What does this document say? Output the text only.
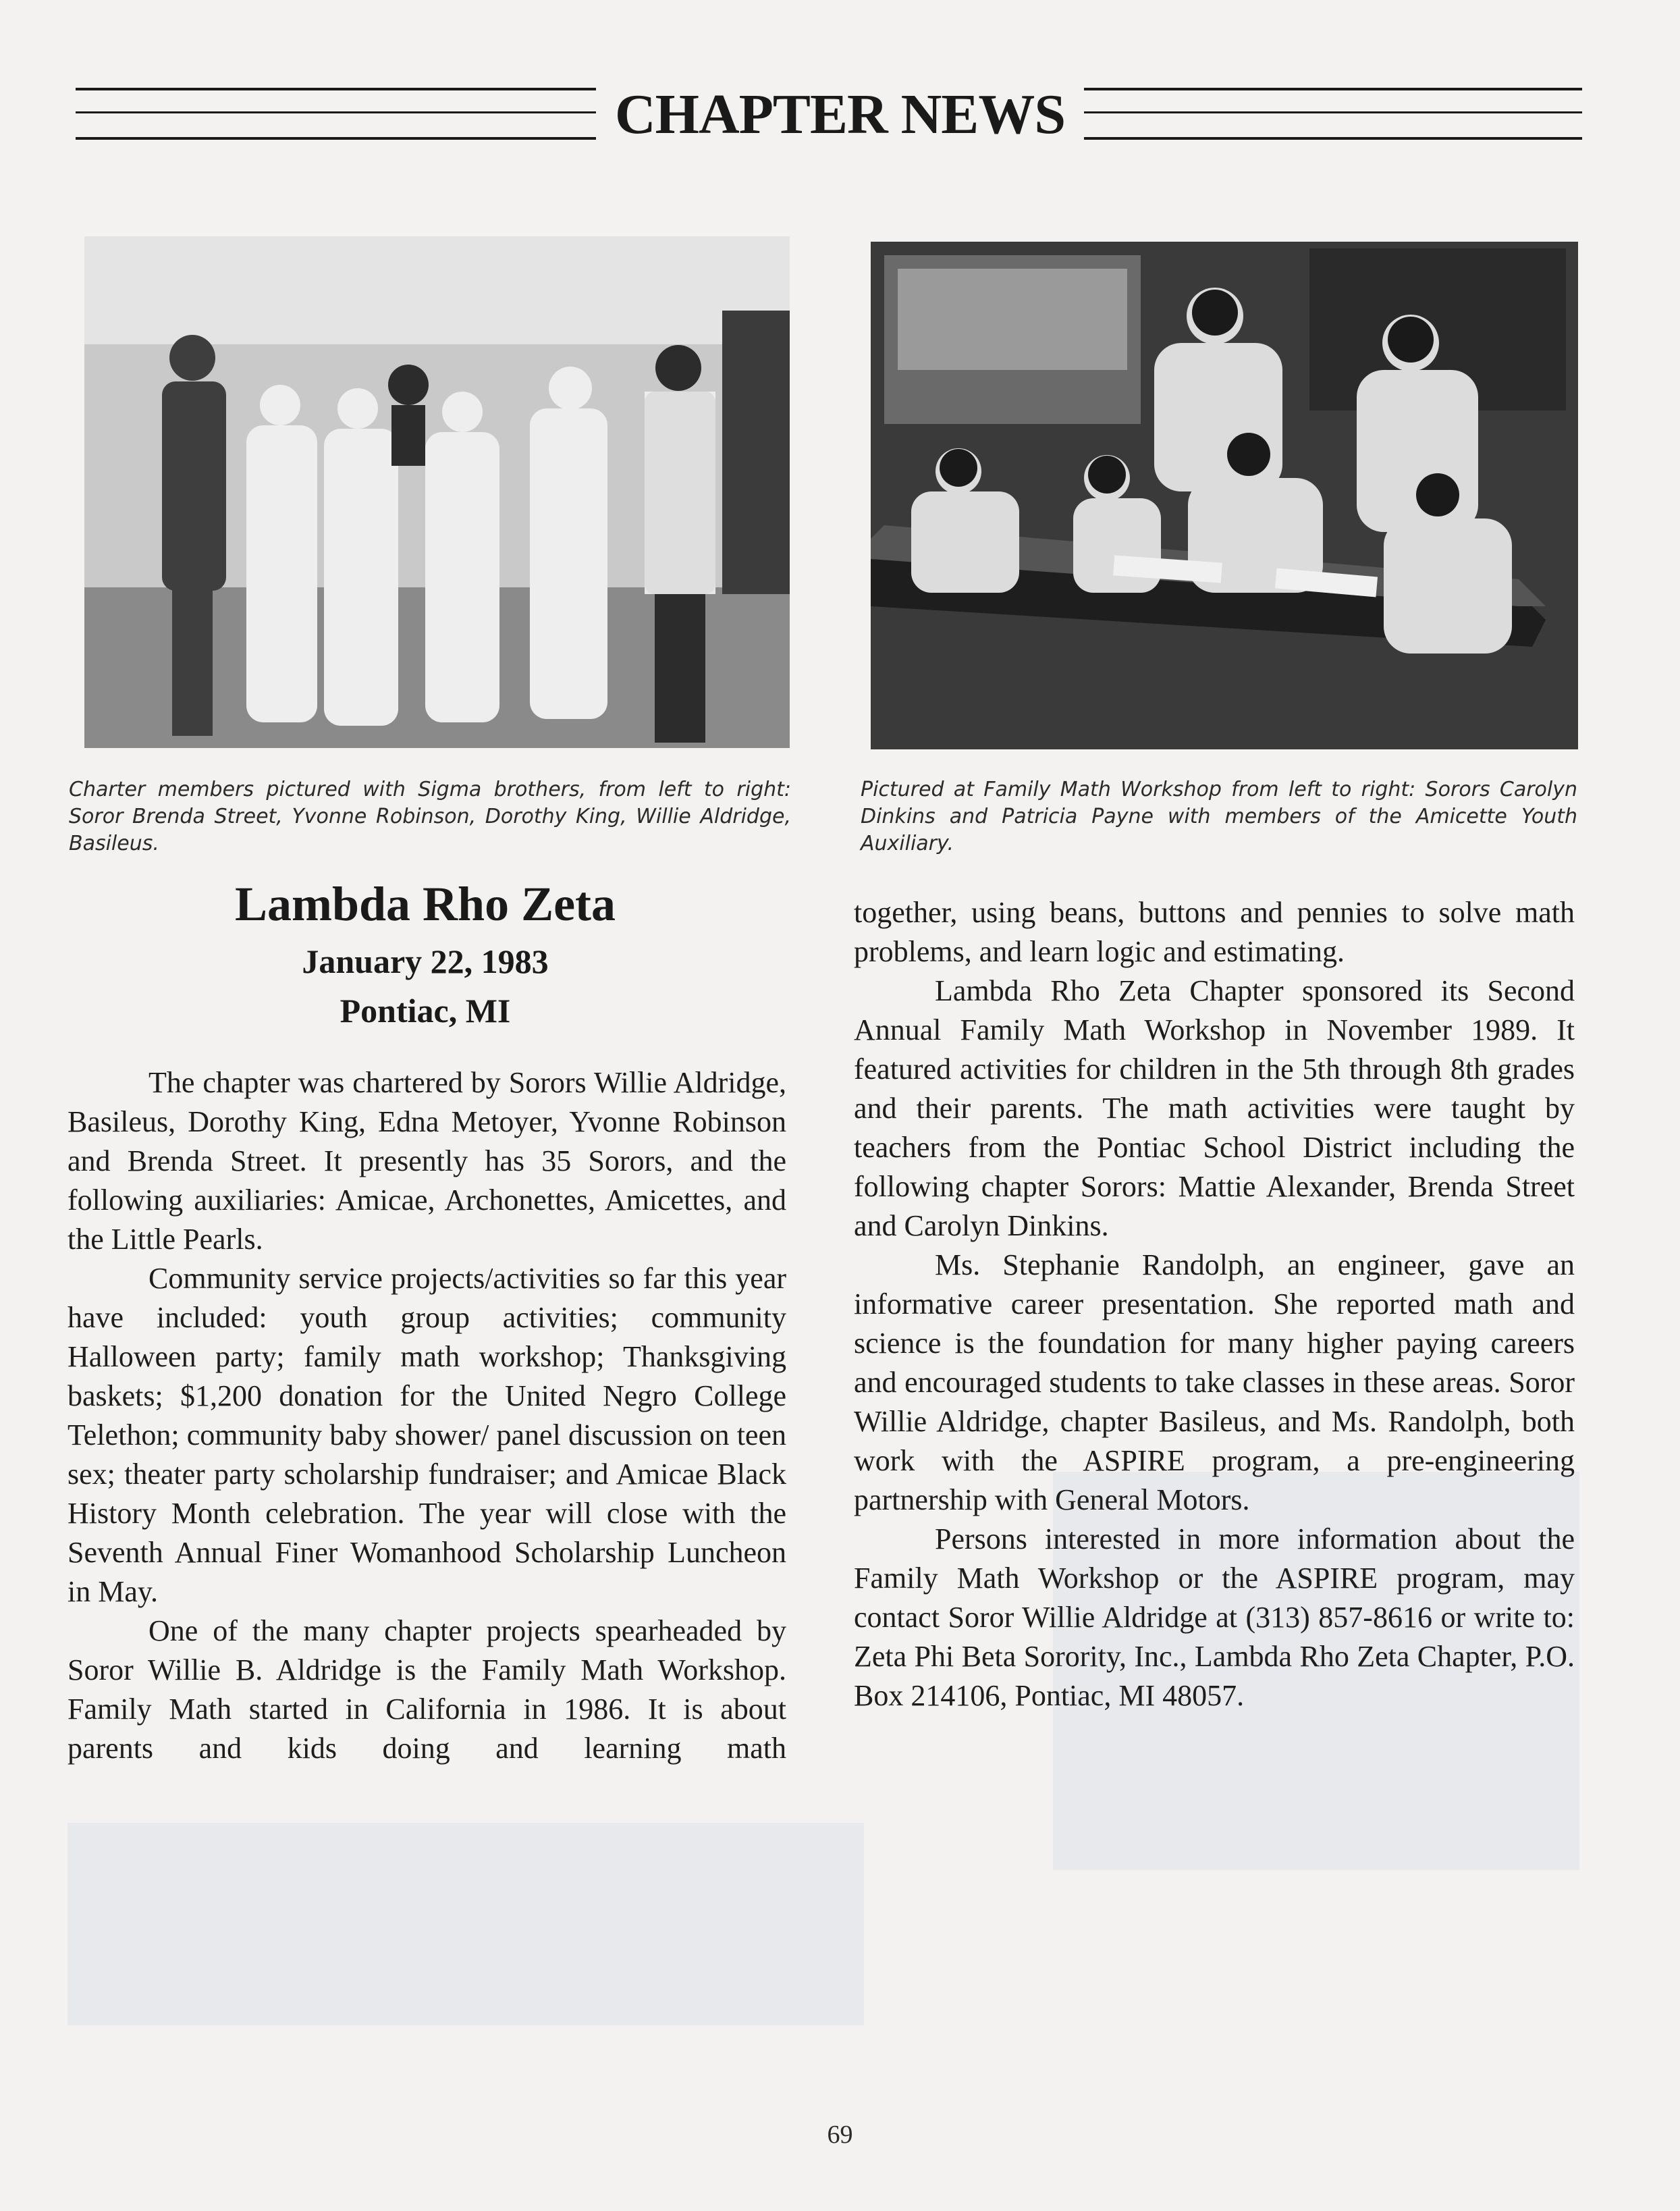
CHAPTER NEWS
Charter members pictured with Sigma brothers, from left to right: Soror Brenda Street, Yvonne Robinson, Dorothy King, Willie Aldridge, Basileus.
Pictured at Family Math Workshop from left to right: Sorors Carolyn Dinkins and Patricia Payne with members of the Amicette Youth Auxiliary.
Lambda Rho Zeta
January 22, 1983
Pontiac, MI

The chapter was chartered by Sorors Willie Aldridge, Basileus, Dorothy King, Edna Metoyer, Yvonne Robinson and Brenda Street. It presently has 35 Sorors, and the following auxiliaries: Amicae, Archonettes, Amicettes, and the Little Pearls.

Community service projects/activities so far this year have included: youth group activities; community Halloween party; family math workshop; Thanksgiving baskets; $1,200 donation for the United Negro College Telethon; community baby shower/ panel discussion on teen sex; theater party scholarship fundraiser; and Amicae Black History Month celebration. The year will close with the Seventh Annual Finer Womanhood Scholarship Luncheon in May.

One of the many chapter projects spearheaded by Soror Willie B. Aldridge is the Family Math Workshop. Family Math started in California in 1986. It is about parents and kids doing and learning math

together, using beans, buttons and pennies to solve math problems, and learn logic and estimating.

Lambda Rho Zeta Chapter sponsored its Second Annual Family Math Workshop in November 1989. It featured activities for children in the 5th through 8th grades and their parents. The math activities were taught by teachers from the Pontiac School District including the following chapter Sorors: Mattie Alexander, Brenda Street and Carolyn Dinkins.

Ms. Stephanie Randolph, an engineer, gave an informative career presentation. She reported math and science is the foundation for many higher paying careers and encouraged students to take classes in these areas. Soror Willie Aldridge, chapter Basileus, and Ms. Randolph, both work with the ASPIRE program, a pre-engineering partnership with General Motors.

Persons interested in more information about the Family Math Workshop or the ASPIRE program, may contact Soror Willie Aldridge at (313) 857-8616 or write to: Zeta Phi Beta Sorority, Inc., Lambda Rho Zeta Chapter, P.O. Box 214106, Pontiac, MI 48057.

69
